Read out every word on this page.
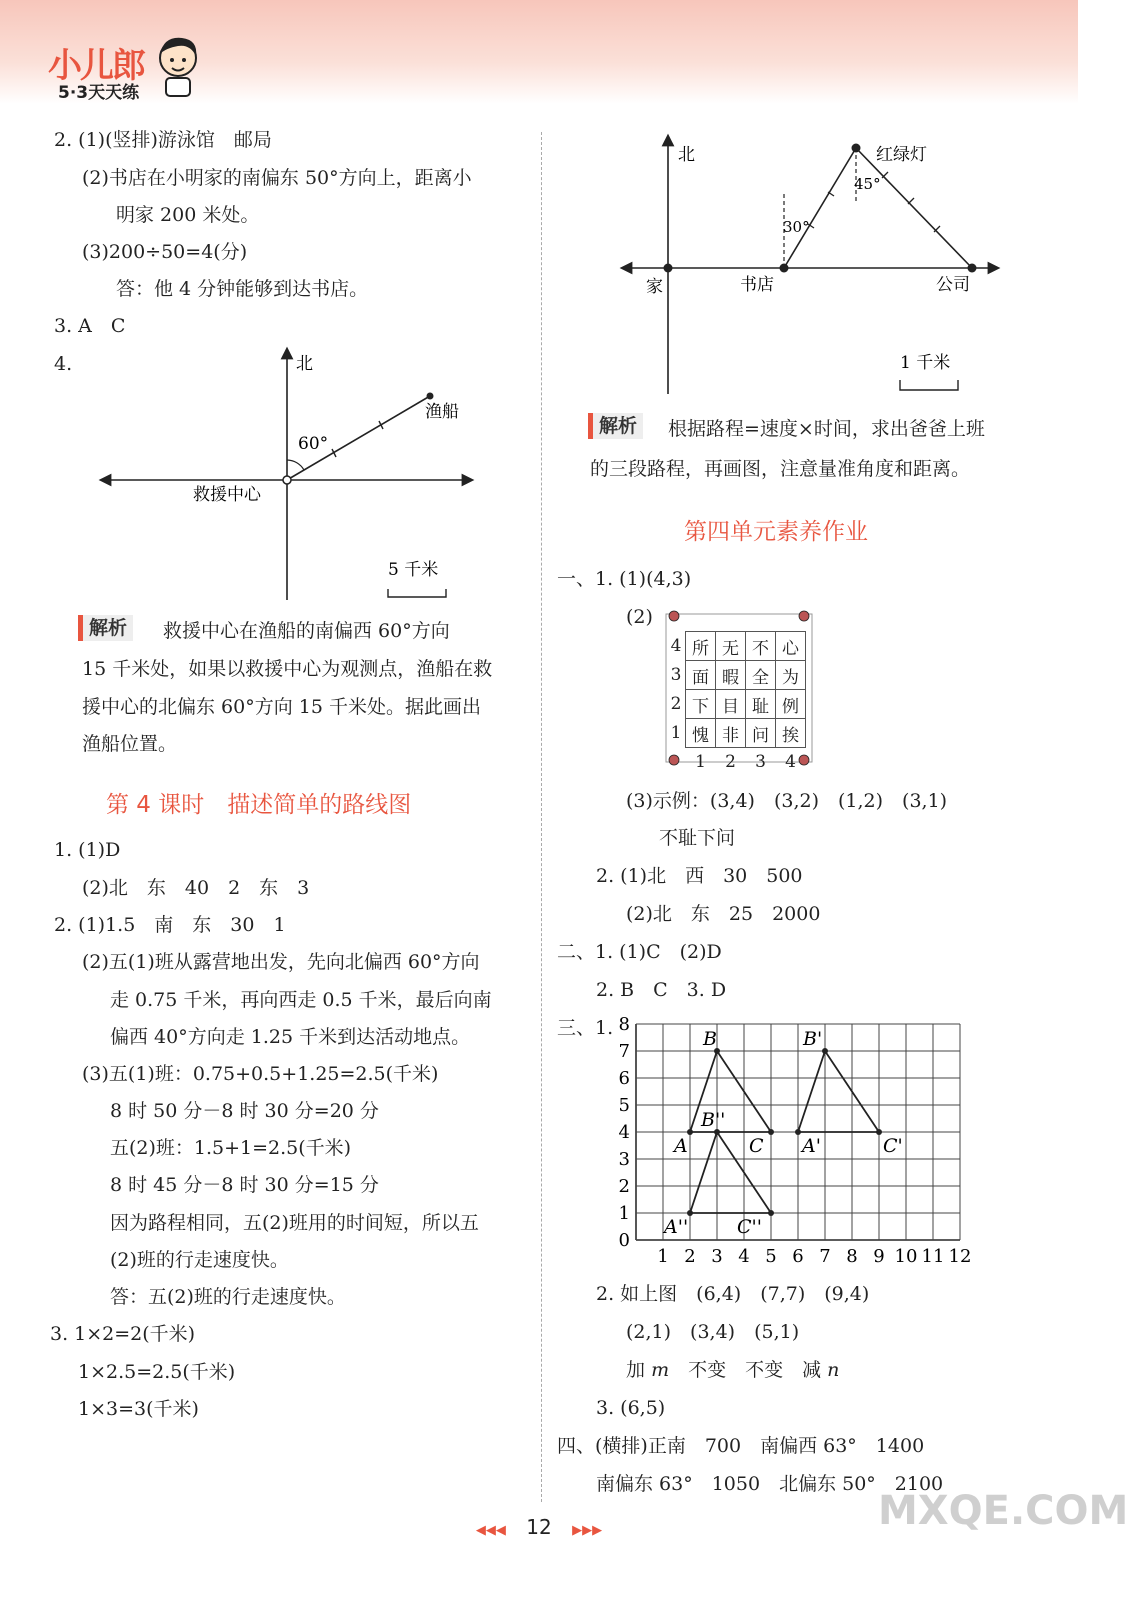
小儿郎
5·3天天练
2. (1)(竖排)游泳馆　邮局
(2)书店在小明家的南偏东 50°方向上，距离小
明家 200 米处。
(3)200÷50=4(分)
答：他 4 分钟能够到达书店。
3. A　C
4.	北
渔船
60°
救援中心
5 千米
解析	救援中心在渔船的南偏西 60°方向
15 千米处，如果以救援中心为观测点，渔船在救
援中心的北偏东 60°方向 15 千米处。据此画出
渔船位置。
第 4 课时　描述简单的路线图
1. (1)D
(2)北　东　40　2　东　3
2. (1)1.5　南　东　30　1
(2)五(1)班从露营地出发，先向北偏西 60°方向
走 0.75 千米，再向西走 0.5 千米，最后向南
偏西 40°方向走 1.25 千米到达活动地点。
(3)五(1)班：0.75+0.5+1.25=2.5(千米)
8 时 50 分－8 时 30 分=20 分
五(2)班：1.5+1=2.5(千米)
8 时 45 分－8 时 30 分=15 分
因为路程相同，五(2)班用的时间短，所以五
(2)班的行走速度快。
答：五(2)班的行走速度快。
3. 1×2=2(千米)
1×2.5=2.5(千米)
1×3=3(千米)
北	红绿灯
45°
30°
家	书店	公司
1 千米
解析	根据路程=速度×时间，求出爸爸上班
的三段路程，再画图，注意量准角度和距离。
第四单元素养作业
一、1. (1)(4,3)
(2)
4	所	无	不	心
3	面	暇	全	为
2	下	目	耻	例
1	愧	非	问	挨
	1	2	3	4
(3)示例：(3,4)　(3,2)　(1,2)　(3,1)
不耻下问
2. (1)北　西　30　500
(2)北　东　25　2000
二、1. (1)C　(2)D
2. B　C　3. D
三、1.
1 2 3 4 5 6 7 8 9 10 11 12
0
1
2
3
4
5
6
7
8
A
B
C A'
B'
C'
A''
B''
C''
2. 如上图　(6,4)　(7,7)　(9,4)
(2,1)　(3,4)　(5,1)
加 m　不变　不变　减 n
3. (6,5)
四、(横排)正南　700　南偏西 63°　1400
南偏东 63°　1050　北偏东 50°　2100
◀◀◀ 12 ▶▶▶	MXQE.COM
